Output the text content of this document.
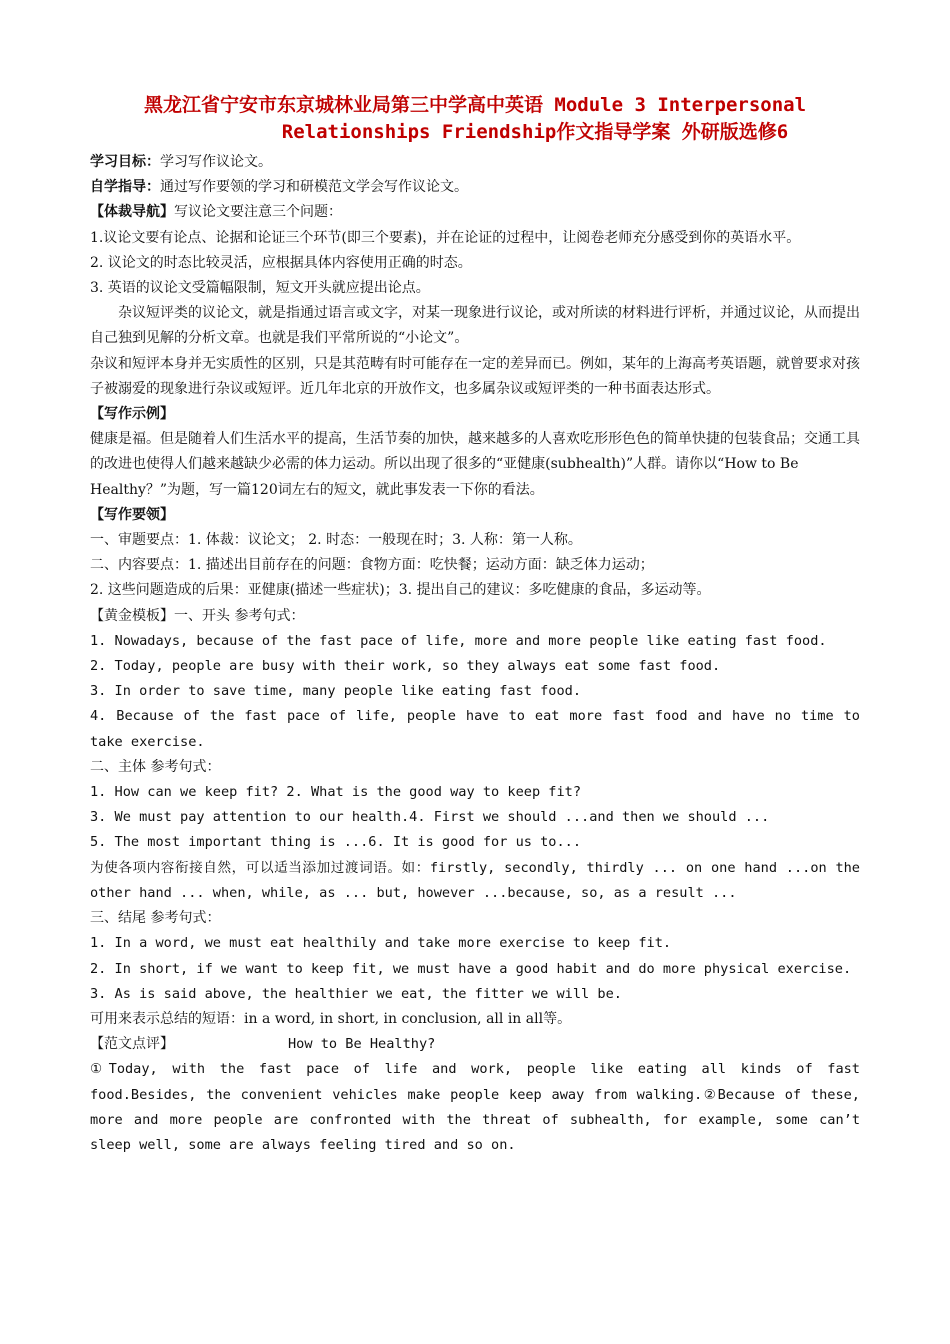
黑龙江省宁安市东京城林业局第三中学高中英语 Module 3 Interpersonal
Relationships Friendship作文指导学案 外研版选修6
学习目标：学习写作议论文。
自学指导：通过写作要领的学习和研模范文学会写作议论文。
【体裁导航】写议论文要注意三个问题：
1.议论文要有论点、论据和论证三个环节(即三个要素)，并在论证的过程中，让阅卷老师充分感受到你的英语水平。
2. 议论文的时态比较灵活，应根据具体内容使用正确的时态。
3. 英语的议论文受篇幅限制，短文开头就应提出论点。
杂议短评类的议论文，就是指通过语言或文字，对某一现象进行议论，或对所读的材料进行评析，并通过议论，从而提出自己独到见解的分析文章。也就是我们平常所说的“小论文”。
杂议和短评本身并无实质性的区别，只是其范畴有时可能存在一定的差异而已。例如，某年的上海高考英语题，就曾要求对孩子被溺爱的现象进行杂议或短评。近几年北京的开放作文，也多属杂议或短评类的一种书面表达形式。
【写作示例】
健康是福。但是随着人们生活水平的提高，生活节奏的加快，越来越多的人喜欢吃形形色色的简单快捷的包装食品；交通工具的改进也使得人们越来越缺少必需的体力运动。所以出现了很多的“亚健康(subhealth)”人群。请你以“How to Be Healthy？”为题，写一篇120词左右的短文，就此事发表一下你的看法。
【写作要领】
一、审题要点：1. 体裁：议论文； 2. 时态：一般现在时；3. 人称：第一人称。
二、内容要点：1. 描述出目前存在的问题：食物方面：吃快餐；运动方面：缺乏体力运动；
2. 这些问题造成的后果：亚健康(描述一些症状)；3. 提出自己的建议：多吃健康的食品，多运动等。
【黄金模板】一、开头 参考句式：
1. Nowadays, because of the fast pace of life, more and more people like eating fast food.
2. Today, people are busy with their work, so they always eat some fast food.
3. In order to save time, many people like eating fast food.
4. Because of the fast pace of life, people have to eat more fast food and have no time to take exercise.
二、主体 参考句式：
1. How can we keep fit? 2. What is the good way to keep fit?
3. We must pay attention to our health.4. First we should ...and then we should ...
5. The most important thing is ...6. It is good for us to...
为使各项内容衔接自然，可以适当添加过渡词语。如：firstly, secondly, thirdly ... on one hand ...on the other hand ... when, while, as ... but, however ...because, so, as a result ...
三、结尾 参考句式：
1. In a word, we must eat healthily and take more exercise to keep fit.
2. In short, if we want to keep fit, we must have a good habit and do more physical exercise.
3. As is said above, the healthier we eat, the fitter we will be.
可用来表示总结的短语：in a word, in short, in conclusion, all in all等。
【范文点评】	How to Be Healthy?
①Today, with the fast pace of life and work, people like eating all kinds of fast food.Besides, the convenient vehicles make people keep away from walking.②Because of these, more and more people are confronted with the threat of subhealth, for example, some can’t sleep well, some are always feeling tired and so on.
